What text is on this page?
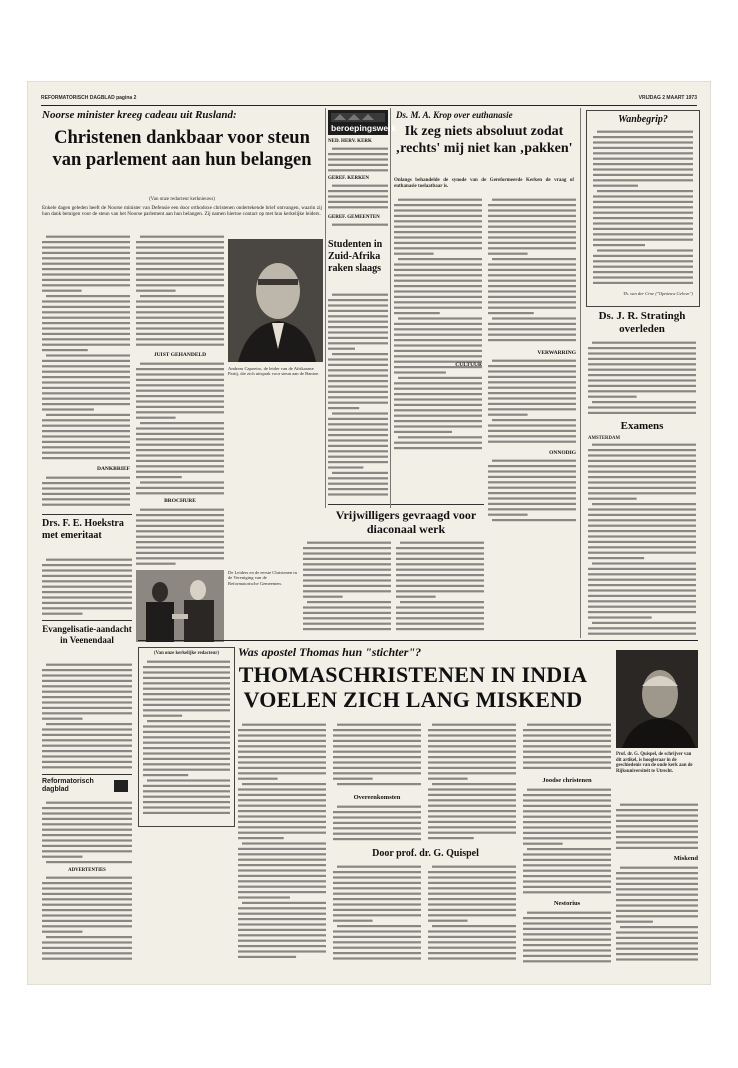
REFORMATORISCH DAGBLAD pagina 2	VRIJDAG 2 MAART 1973
Noorse minister kreeg cadeau uit Rusland:
Christenen dankbaar voor steun van parlement aan hun belangen
(Van onze redacteur kerknieuws)
Enkele dagen geleden heeft de Noorse minister van Defensie een door orthodoxe christenen ondertekende brief ontvangen, waarin zij hun dank betuigen voor de steun van het Noorse parlement aan hun belangen. Zij namen hiertoe contact op met hun kerkelijke leiders.
JUIST GEHANDELD
BROCHURE
DANKBRIEF
Drs. F. E. Hoekstra met emeritaat
Evangelisatie-aandacht in Veenendaal
De Leiders en de eerste Christenen in de Vereniging van de Reformatorische Gemeenten.
beroepingswerk
NED. HERV. KERK
GEREF. KERKEN
GEREF. GEMEENTEN
Andreas Capoeiro, de leider van de Afrikaanse Partij, die zich uitsprak voor steun aan de Bantoe.
Studenten in Zuid-Afrika raken slaags
Ds. M. A. Krop over euthanasie
Ik zeg niets absoluut zodat ‚rechts' mij niet kan ‚pakken'
Onlangs behandelde de synode van de Gereformeerde Kerken de vraag of euthanasie toelaatbaar is.
VERWARRING
CULTUUR
ONNODIG
Vrijwilligers gevraagd voor diaconaal werk
Wanbegrip?
Th. van der Croe ("Opnieuw Gelove")
Ds. J. R. Stratingh overleden
Examens
AMSTERDAM
Was apostel Thomas hun "stichter"?
THOMASCHRISTENEN IN INDIA VOELEN ZICH LANG MISKEND
(Van onze kerkelijke redacteur)
Overeenkomsten
Joodse christenen
Door prof. dr. G. Quispel
Nestorius
Prof. dr. G. Quispel, de schrijver van dit artikel, is hoogleraar in de geschiedenis van de oude kerk aan de Rijksuniversiteit te Utrecht.
Miskend
Reformatorisch dagblad
ADVERTENTIES
